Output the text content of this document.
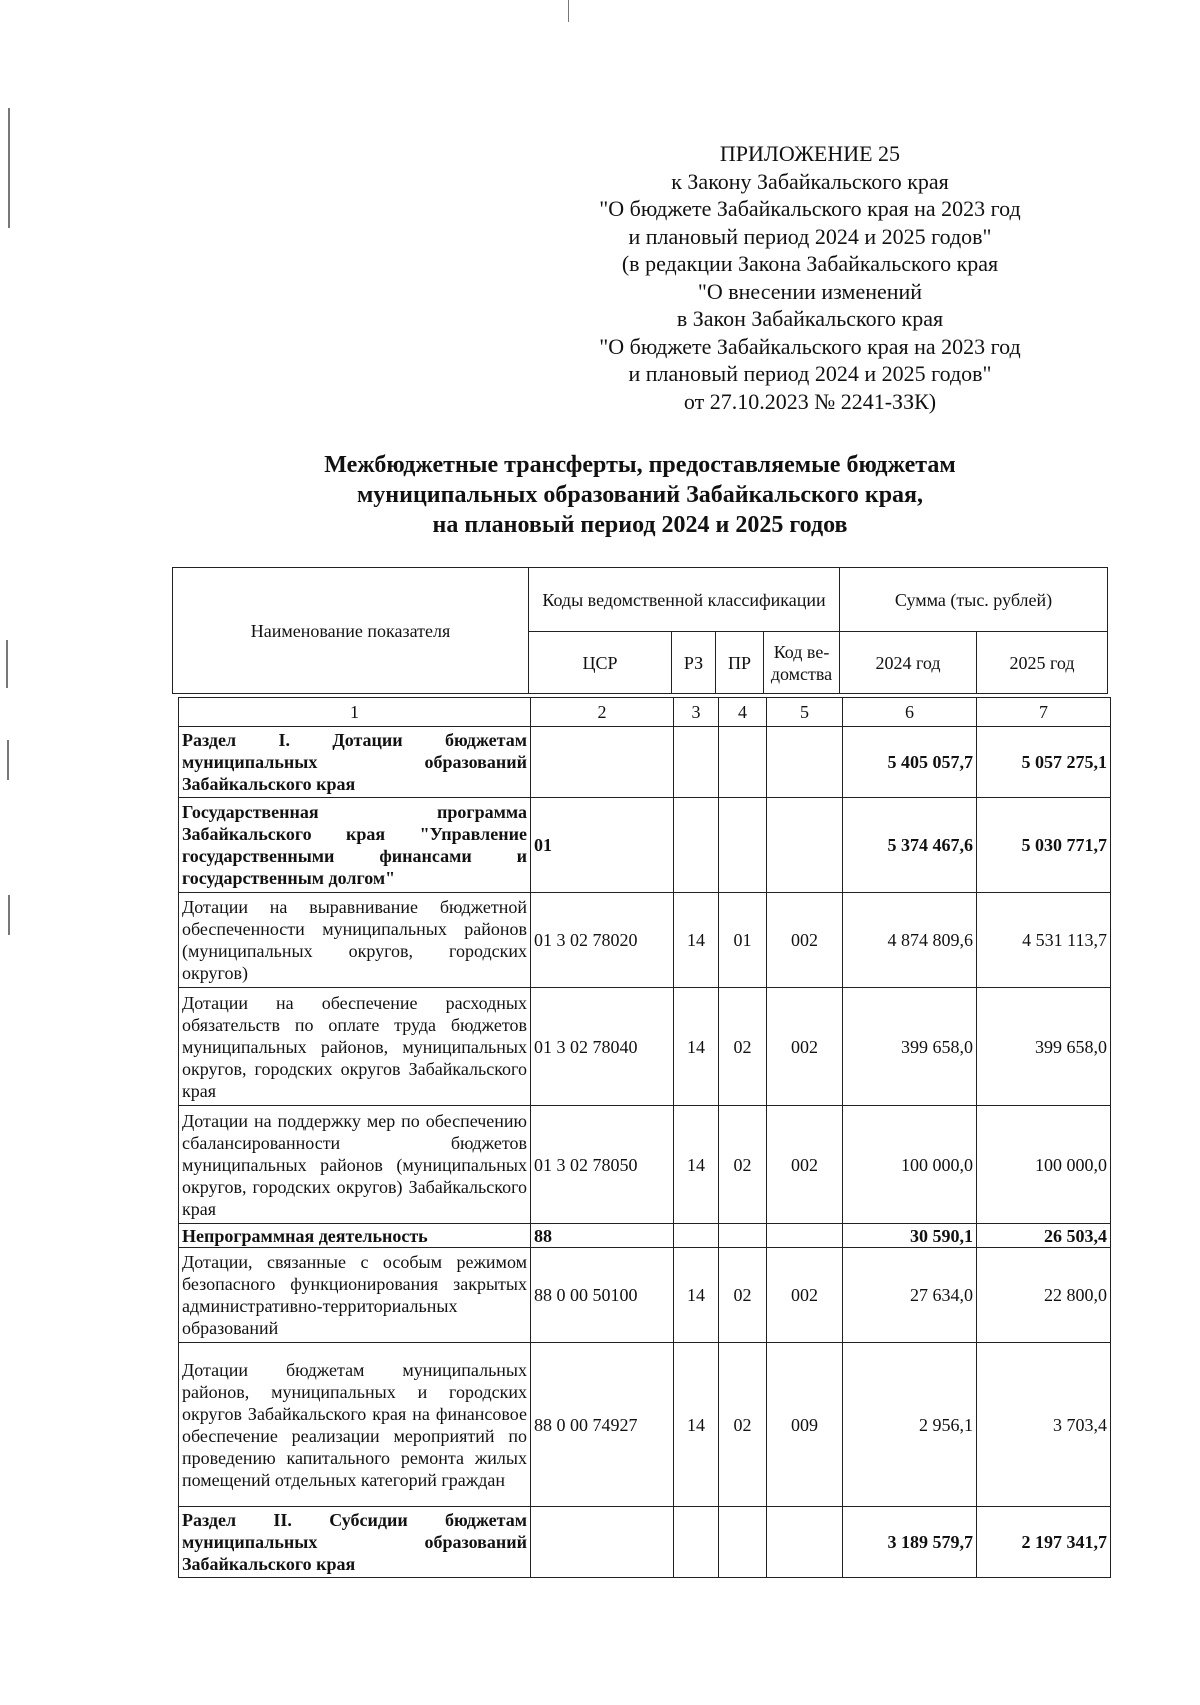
ПРИЛОЖЕНИЕ 25
к Закону Забайкальского края
"О бюджете Забайкальского края на 2023 год
и плановый период 2024 и 2025 годов"
(в редакции Закона Забайкальского края
"О внесении изменений
в Закон Забайкальского края
"О бюджете Забайкальского края на 2023 год
и плановый период 2024 и 2025 годов"
от 27.10.2023 № 2241-ЗЗК)
Межбюджетные трансферты, предоставляемые бюджетам
муниципальных образований Забайкальского края,
на плановый период 2024 и 2025 годов
Наименование показателя	Коды ведомственной классификации				Сумма (тыс. рублей)	
	ЦСР	РЗ	ПР	Код ве-домства	2024 год	2025 год
1	2	3	4	5	6	7
Раздел I. Дотации бюджетам муниципальных образований Забайкальского края					5 405 057,7	5 057 275,1
Государственная программа Забайкальского края "Управление государственными финансами и государственным долгом"	01				5 374 467,6	5 030 771,7
Дотации на выравнивание бюджетной обеспеченности муниципальных районов (муниципальных округов, городских округов)	01 3 02 78020	14	01	002	4 874 809,6	4 531 113,7
Дотации на обеспечение расходных обязательств по оплате труда бюджетов муниципальных районов, муниципальных округов, городских округов Забайкальского края	01 3 02 78040	14	02	002	399 658,0	399 658,0
Дотации на поддержку мер по обеспечению сбалансированности бюджетов муниципальных районов (муниципальных округов, городских округов) Забайкальского края	01 3 02 78050	14	02	002	100 000,0	100 000,0
Непрограммная деятельность	88				30 590,1	26 503,4
Дотации, связанные с особым режимом безопасного функционирования закрытых административно-территориальных образований	88 0 00 50100	14	02	002	27 634,0	22 800,0
Дотации бюджетам муниципальных районов, муниципальных и городских округов Забайкальского края на финансовое обеспечение реализации мероприятий по проведению капитального ремонта жилых помещений отдельных категорий граждан	88 0 00 74927	14	02	009	2 956,1	3 703,4
Раздел II. Субсидии бюджетам муниципальных образований Забайкальского края					3 189 579,7	2 197 341,7
